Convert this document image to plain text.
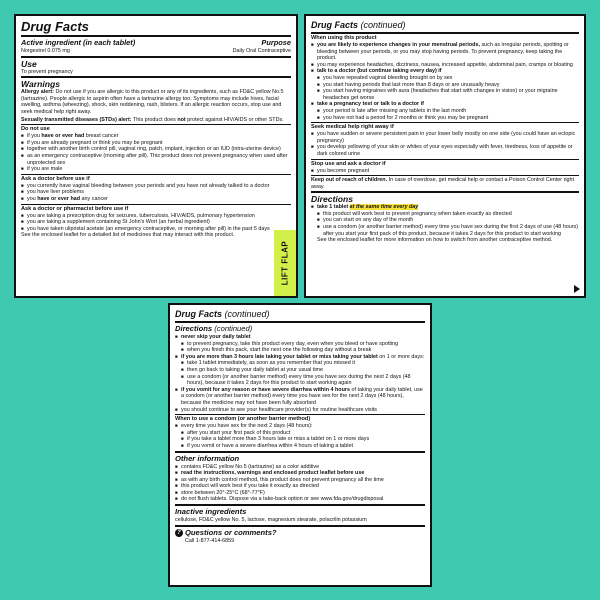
Drug Facts
Active ingredient (in each tablet)	Purpose
Norgestrel 0.075 mg	Daily Oral Contraceptive
Use
To prevent pregnancy
Warnings
Allergy alert: Do not use if you are allergic to this product or any of its ingredients, such as FD&C yellow No.5 (tartrazine). People allergic to aspirin often have a tartrazine allergy too. Symptoms may include hives, facial swelling, asthma (wheezing), shock, skin reddening, rash, blisters. If an allergic reaction occurs, stop use and seek medical help right away.
Sexually transmitted diseases (STDs) alert: This product does not protect against HIV/AIDS or other STDs.
Do not use
■ if you have or ever had breast cancer
■ if you are already pregnant or think you may be pregnant
■ together with another birth control pill, vaginal ring, patch, implant, injection or an IUD (intra-uterine device)
■ as an emergency contraceptive (morning after pill). This product does not prevent pregnancy when used after unprotected sex
■ if you are male
Ask a doctor before use if
■ you currently have vaginal bleeding between your periods and you have not already talked to a doctor
■ you have liver problems
■ you have or ever had any cancer
Ask a doctor or pharmacist before use if
■ you are taking a prescription drug for seizures, tuberculosis, HIV/AIDS, pulmonary hypertension
■ you are taking a supplement containing St John's Wort (an herbal ingredient)
■ you have taken ulipristal acetate (an emergency contraceptive, or morning after pill) in the past 5 days
See the enclosed leaflet for a detailed list of medicines that may interact with this product.
LIFT FLAP
Drug Facts (continued)
When using this product
■ you are likely to experience changes in your menstrual periods, such as irregular periods, spotting or bleeding between your periods, or you may stop having periods. To prevent pregnancy, keep taking the product.
■ you may experience headaches, dizziness, nausea, increased appetite, abdominal pain, cramps or bloating
■ talk to a doctor (but continue taking every day) if
■ you have repeated vaginal bleeding brought on by sex
■ you start having periods that last more than 8 days or are unusually heavy
■ you start having migraines with aura (headaches that start with changes in vision) or your migraine headaches get worse
■ take a pregnancy test or talk to a doctor if
■ your period is late after missing any tablets in the last month
■ you have not had a period for 2 months or think you may be pregnant
Seek medical help right away if
■ you have sudden or severe persistent pain in your lower belly mostly on one side (you could have an ectopic pregnancy)
■ you develop yellowing of your skin or whites of your eyes especially with fever, tiredness, loss of appetite or dark colored urine
Stop use and ask a doctor if
■ you become pregnant
Keep out of reach of children. In case of overdose, get medical help or contact a Poison Control Center right away.
Directions
■ take 1 tablet at the same time every day
■ this product will work best to prevent pregnancy when taken exactly as directed
■ you can start on any day of the month
■ use a condom (or another barrier method) every time you have sex during the first 2 days of use (48 hours) after you start your first pack of this product, because it takes 2 days for this product to start working
See the enclosed leaflet for more information on how to switch from another contraceptive method.
Drug Facts (continued)
Directions (continued)
■ never skip your daily tablet
■ to prevent pregnancy, take this product every day, even when you bleed or have spotting
■ when you finish this pack, start the next one the following day without a break
■ if you are more than 3 hours late taking your tablet or miss taking your tablet on 1 or more days:
■ take 1 tablet immediately, as soon as you remember that you missed it
■ then go back to taking your daily tablet at your usual time
■ use a condom (or another barrier method) every time you have sex during the next 2 days (48 hours), because it takes 2 days for this product to start working again
■ if you vomit for any reason or have severe diarrhea within 4 hours of taking your daily tablet, use a condom (or another barrier method) every time you have sex for the next 2 days (48 hours), because the medicine may not have been fully absorbed
■ you should continue to see your healthcare provider(s) for routine healthcare visits
When to use a condom (or another barrier method)
■ every time you have sex for the next 2 days (48 hours):
■ after you start your first pack of this product
■ if you take a tablet more than 3 hours late or miss a tablet on 1 or more days
■ if you vomit or have a severe diarrhea within 4 hours of taking a tablet
Other information
■ contains FD&C yellow No.5 (tartrazine) as a color additive
■ read the instructions, warnings and enclosed product leaflet before use
■ as with any birth control method, this product does not prevent pregnancy all the time
■ this product will work best if you take it exactly as directed
■ store between 20°-25°C (68°-77°F)
■ do not flush tablets. Dispose via a take-back option or see www.fda.gov/drugdisposal
Inactive ingredients
cellulose, FD&C yellow No. 5, lactose, magnesium stearate, polacrilin potassium
? Questions or comments?
Call 1-877-414-6859
